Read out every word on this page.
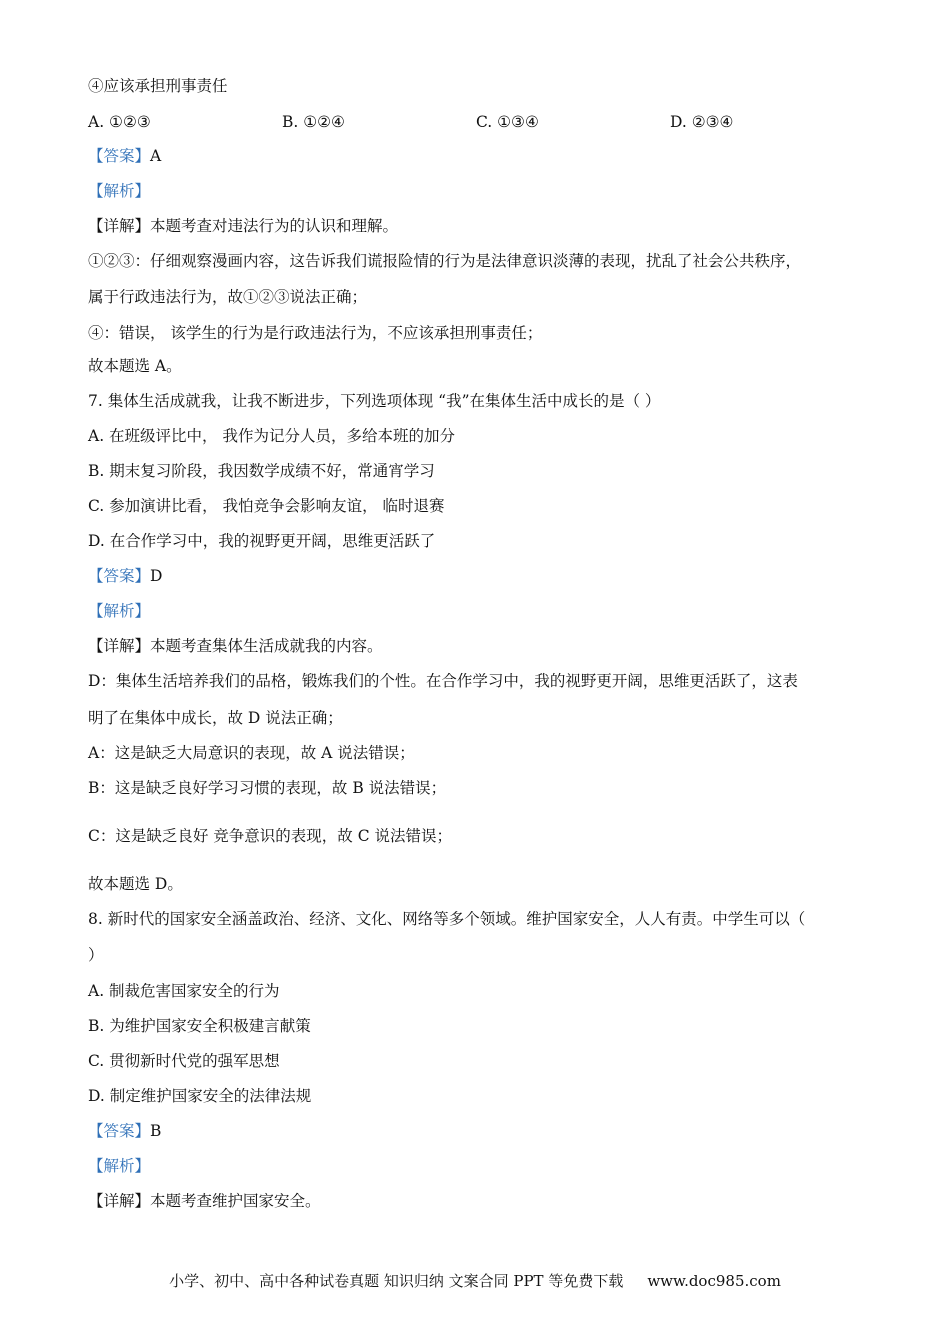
④应该承担刑事责任
A. ①②③	B. ①②④	C. ①③④	D. ②③④
【答案】A
【解析】
【详解】本题考查对违法行为的认识和理解。
①②③：仔细观察漫画内容，这告诉我们谎报险情的行为是法律意识淡薄的表现，扰乱了社会公共秩序，
属于行政违法行为，故①②③说法正确；
④：错误， 该学生的行为是行政违法行为，不应该承担刑事责任；
故本题选 A。
7. 集体生活成就我，让我不断进步，下列选项体现 “我”在集体生活中成长的是（ ）
A. 在班级评比中， 我作为记分人员，多给本班的加分
B. 期末复习阶段，我因数学成绩不好，常通宵学习
C. 参加演讲比看， 我怕竞争会影响友谊， 临时退赛
D. 在合作学习中，我的视野更开阔，思维更活跃了
【答案】D
【解析】
【详解】本题考查集体生活成就我的内容。
D：集体生活培养我们的品格，锻炼我们的个性。在合作学习中，我的视野更开阔，思维更活跃了，这表
明了在集体中成长，故 D 说法正确；
A：这是缺乏大局意识的表现，故 A 说法错误；
B：这是缺乏良好学习习惯的表现，故 B 说法错误；
C：这是缺乏良好 竞争意识的表现，故 C 说法错误；
故本题选 D。
8. 新时代的国家安全涵盖政治、经济、文化、网络等多个领域。维护国家安全，人人有责。中学生可以（
）
A. 制裁危害国家安全的行为
B. 为维护国家安全积极建言献策
C. 贯彻新时代党的强军思想
D. 制定维护国家安全的法律法规
【答案】B
【解析】
【详解】本题考查维护国家安全。
小学、初中、高中各种试卷真题 知识归纳 文案合同 PPT 等免费下载 www.doc985.com
